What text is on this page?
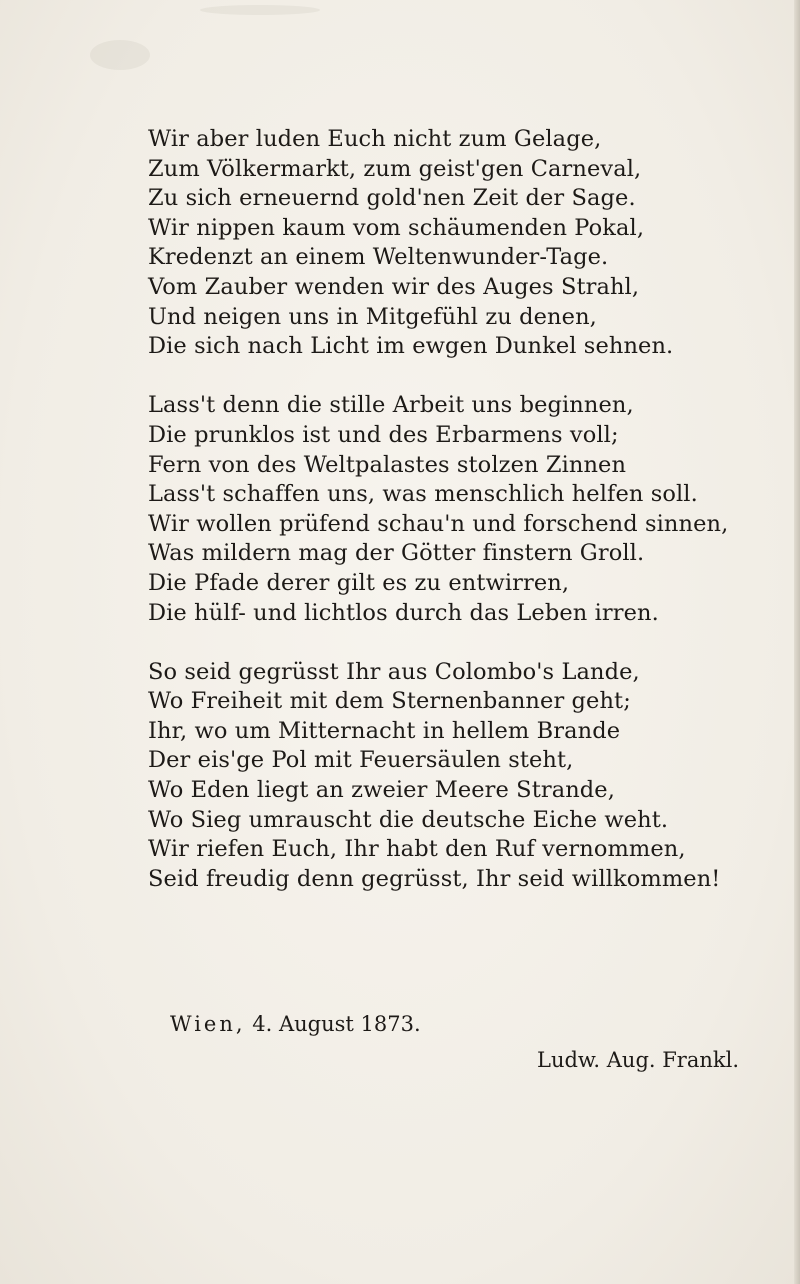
Wir aber luden Euch nicht zum Gelage,
Zum Völkermarkt, zum geist'gen Carneval,
Zu sich erneuernd gold'nen Zeit der Sage.
Wir nippen kaum vom schäumenden Pokal,
Kredenzt an einem Weltenwunder-Tage.
Vom Zauber wenden wir des Auges Strahl,
Und neigen uns in Mitgefühl zu denen,
Die sich nach Licht im ewgen Dunkel sehnen.
Lass't denn die stille Arbeit uns beginnen,
Die prunklos ist und des Erbarmens voll;
Fern von des Weltpalastes stolzen Zinnen
Lass't schaffen uns, was menschlich helfen soll.
Wir wollen prüfend schau'n und forschend sinnen,
Was mildern mag der Götter finstern Groll.
Die Pfade derer gilt es zu entwirren,
Die hülf- und lichtlos durch das Leben irren.
So seid gegrüsst Ihr aus Colombo's Lande,
Wo Freiheit mit dem Sternenbanner geht;
Ihr, wo um Mitternacht in hellem Brande
Der eis'ge Pol mit Feuersäulen steht,
Wo Eden liegt an zweier Meere Strande,
Wo Sieg umrauscht die deutsche Eiche weht.
Wir riefen Euch, Ihr habt den Ruf vernommen,
Seid freudig denn gegrüsst, Ihr seid willkommen!
Wien, 4. August 1873.
Ludw. Aug. Frankl.
